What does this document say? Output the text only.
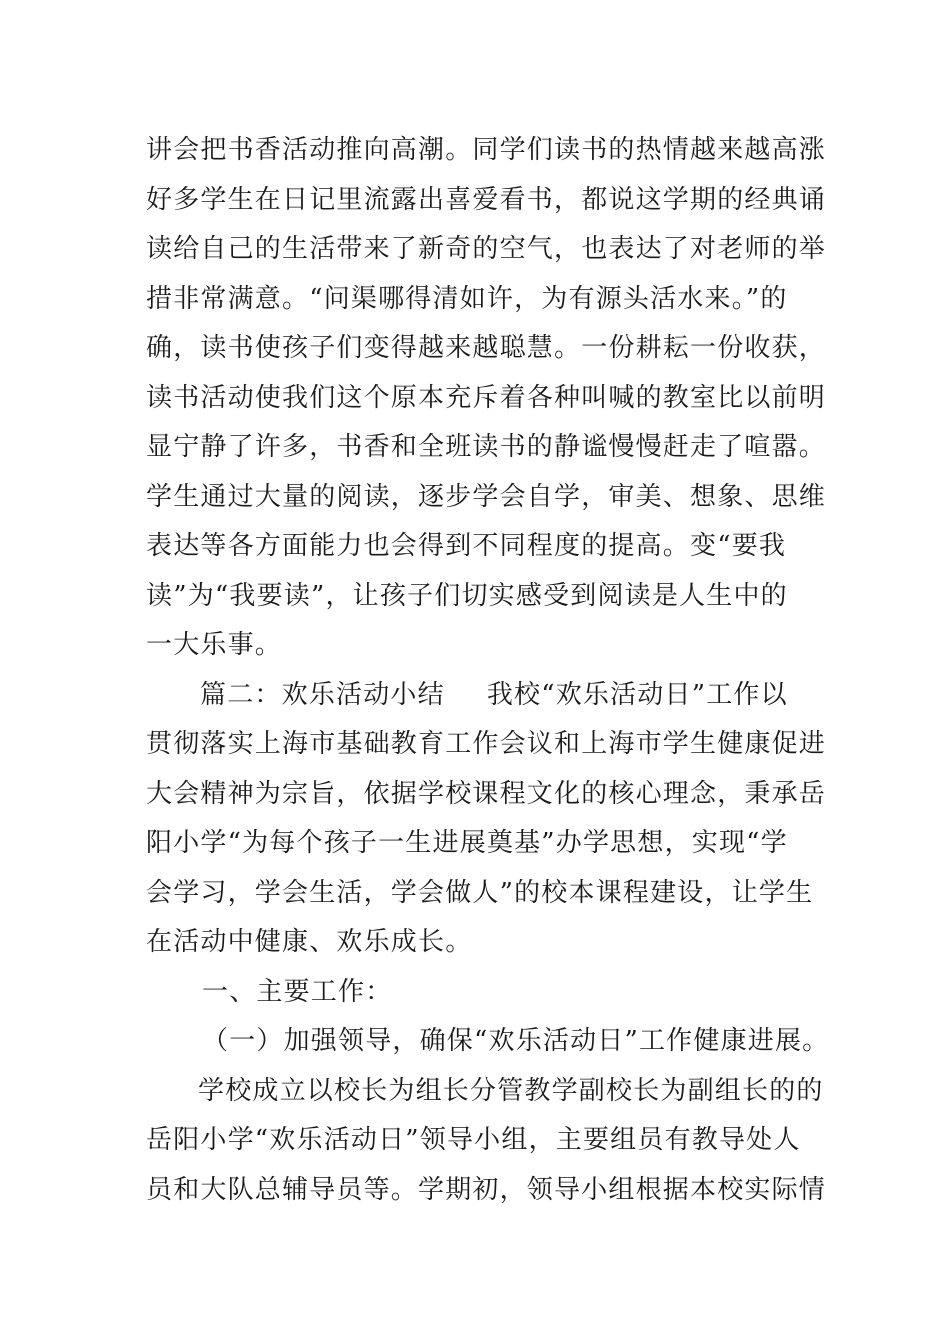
讲会把书香活动推向高潮。同学们读书的热情越来越高涨
好多学生在日记里流露出喜爱看书，都说这学期的经典诵
读给自己的生活带来了新奇的空气，也表达了对老师的举
措非常满意。“问渠哪得清如许，为有源头活水来。”的
确，读书使孩子们变得越来越聪慧。一份耕耘一份收获，
读书活动使我们这个原本充斥着各种叫喊的教室比以前明
显宁静了许多，书香和全班读书的静谧慢慢赶走了喧嚣。
学生通过大量的阅读，逐步学会自学，审美、想象、思维
表达等各方面能力也会得到不同程度的提高。变“要我
读”为“我要读”，让孩子们切实感受到阅读是人生中的
一大乐事。
篇二：欢乐活动小结 我校“欢乐活动日”工作以
贯彻落实上海市基础教育工作会议和上海市学生健康促进
大会精神为宗旨，依据学校课程文化的核心理念，秉承岳
阳小学“为每个孩子一生进展奠基”办学思想，实现“学
会学习，学会生活，学会做人”的校本课程建设，让学生
在活动中健康、欢乐成长。
一、主要工作：
（一）加强领导，确保“欢乐活动日”工作健康进展。
学校成立以校长为组长分管教学副校长为副组长的的
岳阳小学“欢乐活动日”领导小组，主要组员有教导处人
员和大队总辅导员等。学期初，领导小组根据本校实际情
